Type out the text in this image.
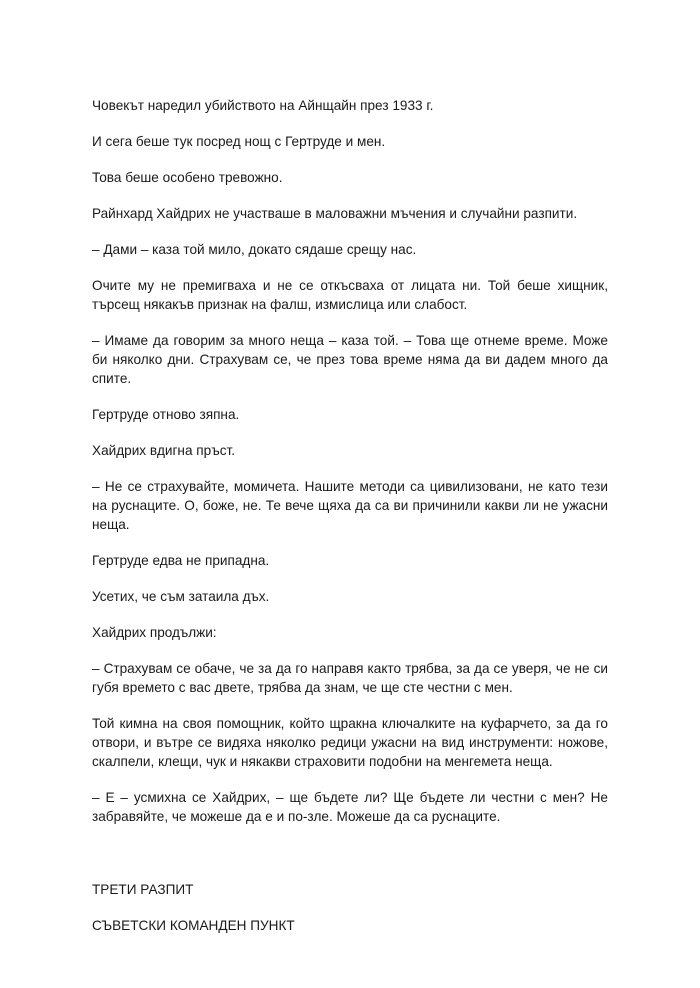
Човекът наредил убийството на Айнщайн през 1933 г.

И сега беше тук посред нощ с Гертруде и мен.

Това беше особено тревожно.

Райнхард Хайдрих не участваше в маловажни мъчения и случайни разпити.

– Дами – каза той мило, докато сядаше срещу нас.

Очите му не премигваха и не се откъсваха от лицата ни. Той беше хищник, търсещ някакъв признак на фалш, измислица или слабост.

– Имаме да говорим за много неща – каза той. – Това ще отнеме време. Може би няколко дни. Страхувам се, че през това време няма да ви дадем много да спите.

Гертруде отново зяпна.

Хайдрих вдигна пръст.

– Не се страхувайте, момичета. Нашите методи са цивилизовани, не като тези на руснаците. О, боже, не. Те вече щяха да са ви причинили какви ли не ужасни неща.

Гертруде едва не припадна.

Усетих, че съм затаила дъх.

Хайдрих продължи:

– Страхувам се обаче, че за да го направя както трябва, за да се уверя, че не си губя времето с вас двете, трябва да знам, че ще сте честни с мен.

Той кимна на своя помощник, който щракна ключалките на куфарчето, за да го отвори, и вътре се видяха няколко редици ужасни на вид инструменти: ножове, скалпели, клещи, чук и някакви страховити подобни на менгемета неща.

– Е – усмихна се Хайдрих, – ще бъдете ли? Ще бъдете ли честни с мен? Не забравяйте, че можеше да е и по-зле. Можеше да са руснаците.

ТРЕТИ РАЗПИТ

СЪВЕТСКИ КОМАНДЕН ПУНКТ
